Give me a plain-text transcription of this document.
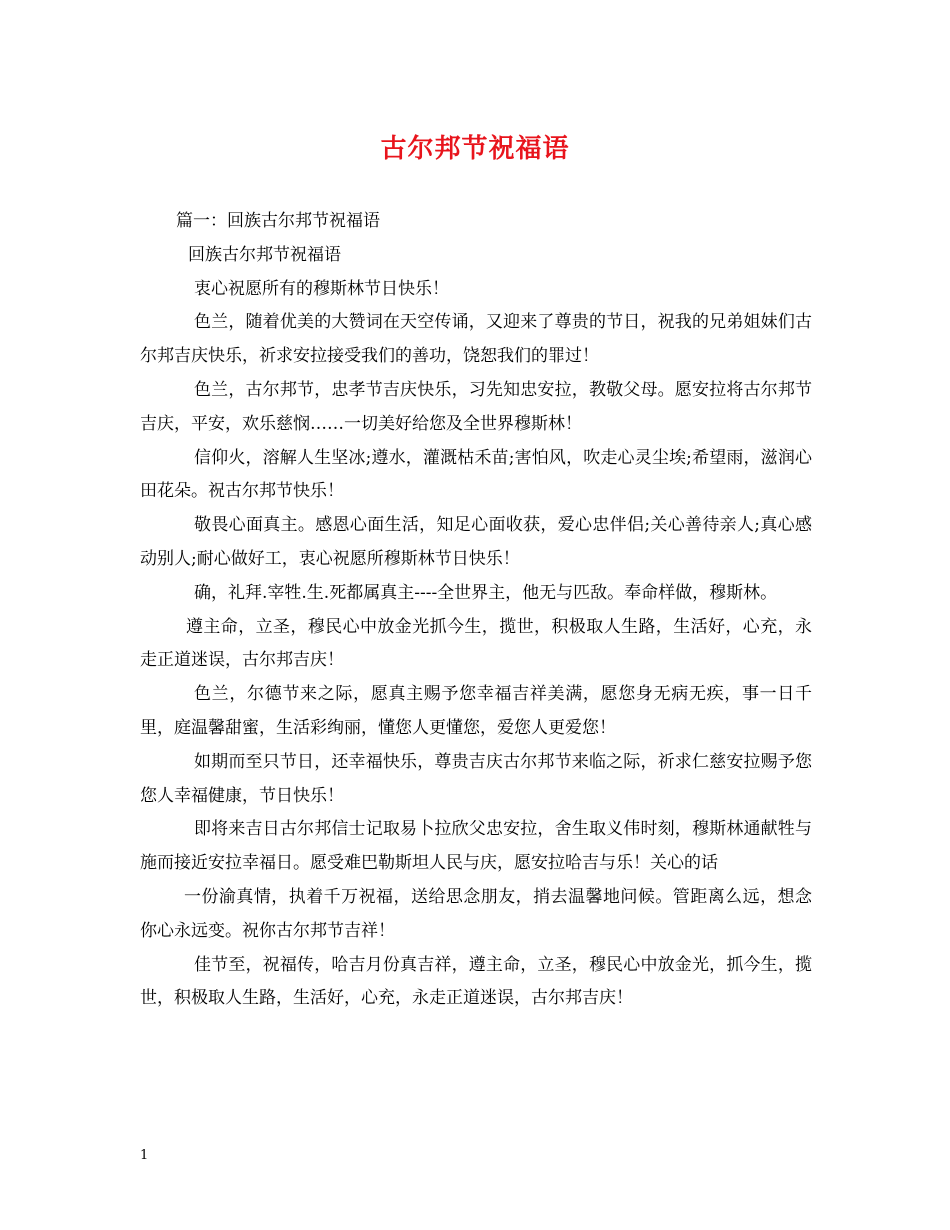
古尔邦节祝福语

篇一：回族古尔邦节祝福语

回族古尔邦节祝福语

衷心祝愿所有的穆斯林节日快乐！

色兰，随着优美的大赞词在天空传诵，又迎来了尊贵的节日，祝我的兄弟姐妹们古尔邦吉庆快乐，祈求安拉接受我们的善功，饶恕我们的罪过！

色兰，古尔邦节，忠孝节吉庆快乐，习先知忠安拉，教敬父母。愿安拉将古尔邦节吉庆，平安，欢乐慈悯……一切美好给您及全世界穆斯林！

信仰火，溶解人生坚冰;遵水，灌溉枯禾苗;害怕风，吹走心灵尘埃;希望雨，滋润心田花朵。祝古尔邦节快乐！

敬畏心面真主。感恩心面生活，知足心面收获，爱心忠伴侣;关心善待亲人;真心感动别人;耐心做好工，衷心祝愿所穆斯林节日快乐！

确，礼拜.宰牲.生.死都属真主----全世界主，他无与匹敌。奉命样做，穆斯林。

遵主命，立圣，穆民心中放金光抓今生，揽世，积极取人生路，生活好，心充，永走正道迷误，古尔邦吉庆！

色兰，尔德节来之际，愿真主赐予您幸福吉祥美满，愿您身无病无疾，事一日千里，庭温馨甜蜜，生活彩绚丽，懂您人更懂您，爱您人更爱您！

如期而至只节日，还幸福快乐，尊贵吉庆古尔邦节来临之际，祈求仁慈安拉赐予您您人幸福健康，节日快乐！

即将来吉日古尔邦信士记取易卜拉欣父忠安拉，舍生取义伟时刻，穆斯林通献牲与施而接近安拉幸福日。愿受难巴勒斯坦人民与庆，愿安拉哈吉与乐！关心的话

一份渝真情，执着千万祝福，送给思念朋友，捎去温馨地问候。管距离么远，想念你心永远变。祝你古尔邦节吉祥！

佳节至，祝福传，哈吉月份真吉祥，遵主命，立圣，穆民心中放金光，抓今生，揽世，积极取人生路，生活好，心充，永走正道迷误，古尔邦吉庆！

1
